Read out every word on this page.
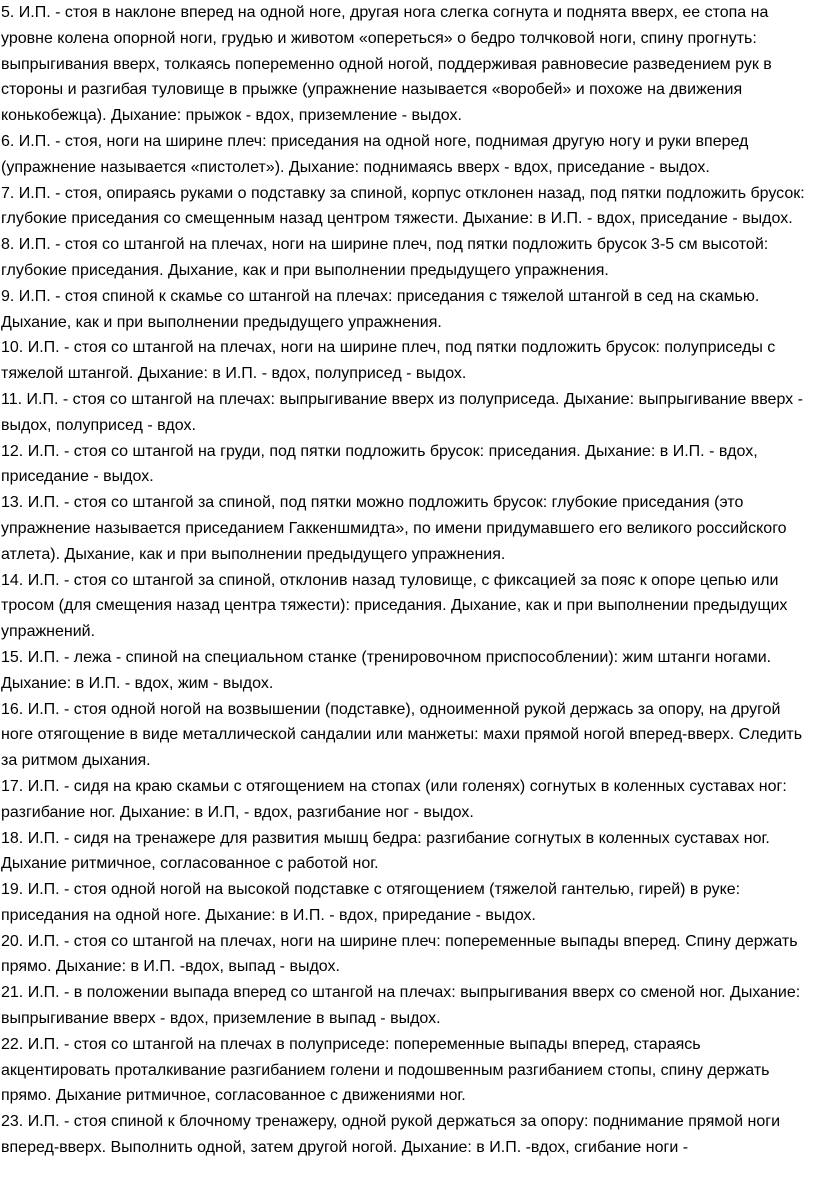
5. И.П. - стоя в наклоне вперед на одной ноге, другая нога слегка согнута и поднята вверх, ее стопа на уровне колена опорной ноги, грудью и животом «опереться» о бедро толчковой ноги, спину прогнуть: выпрыгивания вверх, толкаясь попеременно одной ногой, поддерживая равновесие разведением рук в стороны и разгибая туловище в прыжке (упражнение называется «воробей» и похоже на движения конькобежца). Дыхание: прыжок - вдох, приземление - выдох.

6. И.П. - стоя, ноги на ширине плеч: приседания на одной ноге, поднимая другую ногу и руки вперед (упражнение называется «пистолет»). Дыхание: поднимаясь вверх - вдох, приседание - выдох.

7. И.П. - стоя, опираясь руками о подставку за спиной, корпус отклонен назад, под пятки подложить брусок: глубокие приседания со смещенным назад центром тяжести. Дыхание: в И.П. - вдох, приседание - выдох.

8. И.П. - стоя со штангой на плечах, ноги на ширине плеч, под пятки подложить брусок 3-5 см высотой: глубокие приседания. Дыхание, как и при выполнении предыдущего упражнения.

9. И.П. - стоя спиной к скамье со штангой на плечах: приседания с тяжелой штангой в сед на скамью. Дыхание, как и при выполнении предыдущего упражнения.

10. И.П. - стоя со штангой на плечах, ноги на ширине плеч, под пятки подложить брусок: полуприседы с тяжелой штангой. Дыхание: в И.П. - вдох, полуприсед - выдох.

11. И.П. - стоя со штангой на плечах: выпрыгивание вверх из полуприседа. Дыхание: выпрыгивание вверх - выдох, полуприсед - вдох.

12. И.П. - стоя со штангой на груди, под пятки подложить брусок: приседания. Дыхание: в И.П. - вдох, приседание - выдох.

13. И.П. - стоя со штангой за спиной, под пятки можно подложить брусок: глубокие приседания (это упражнение называется приседанием Гаккеншмидта», по имени придумавшего его великого российского атлета). Дыхание, как и при выполнении предыдущего упражнения.

14. И.П. - стоя со штангой за спиной, отклонив назад туловище, с фиксацией за пояс к опоре цепью или тросом (для смещения назад центра тяжести): приседания. Дыхание, как и при выполнении предыдущих упражнений.

15. И.П. - лежа - спиной на специальном станке (тренировочном приспособлении): жим штанги ногами. Дыхание: в И.П. - вдох, жим - выдох.

16. И.П. - стоя одной ногой на возвышении (подставке), одноименной рукой держась за опору, на другой ноге отягощение в виде металлической сандалии или манжеты: махи прямой ногой вперед-вверх. Следить за ритмом дыхания.

17. И.П. - сидя на краю скамьи с отягощением на стопах (или голенях) согнутых в коленных суставах ног: разгибание ног. Дыхание: в И.П, - вдох, разгибание ног - выдох.

18. И.П. - сидя на тренажере для развития мышц бедра: разгибание согнутых в коленных суставах ног. Дыхание ритмичное, согласованное с работой ног.

19. И.П. - стоя одной ногой на высокой подставке с отягощением (тяжелой гантелью, гирей) в руке: приседания на одной ноге. Дыхание: в И.П. - вдох, приредание - выдох.

20. И.П. - стоя со штангой на плечах, ноги на ширине плеч: попеременные выпады вперед. Спину держать прямо. Дыхание: в И.П. -вдох, выпад - выдох.

21. И.П. - в положении выпада вперед со штангой на плечах: выпрыгивания вверх со сменой ног. Дыхание: выпрыгивание вверх - вдох, приземление в выпад - выдох.

22. И.П. - стоя со штангой на плечах в полуприседе: попеременные выпады вперед, стараясь акцентировать проталкивание разгибанием голени и подошвенным разгибанием стопы, спину держать прямо. Дыхание ритмичное, согласованное с движениями ног.

23. И.П. - стоя спиной к блочному тренажеру, одной рукой держаться за опору: поднимание прямой ноги вперед-вверх. Выполнить одной, затем другой ногой. Дыхание: в И.П. -вдох, сгибание ноги -
